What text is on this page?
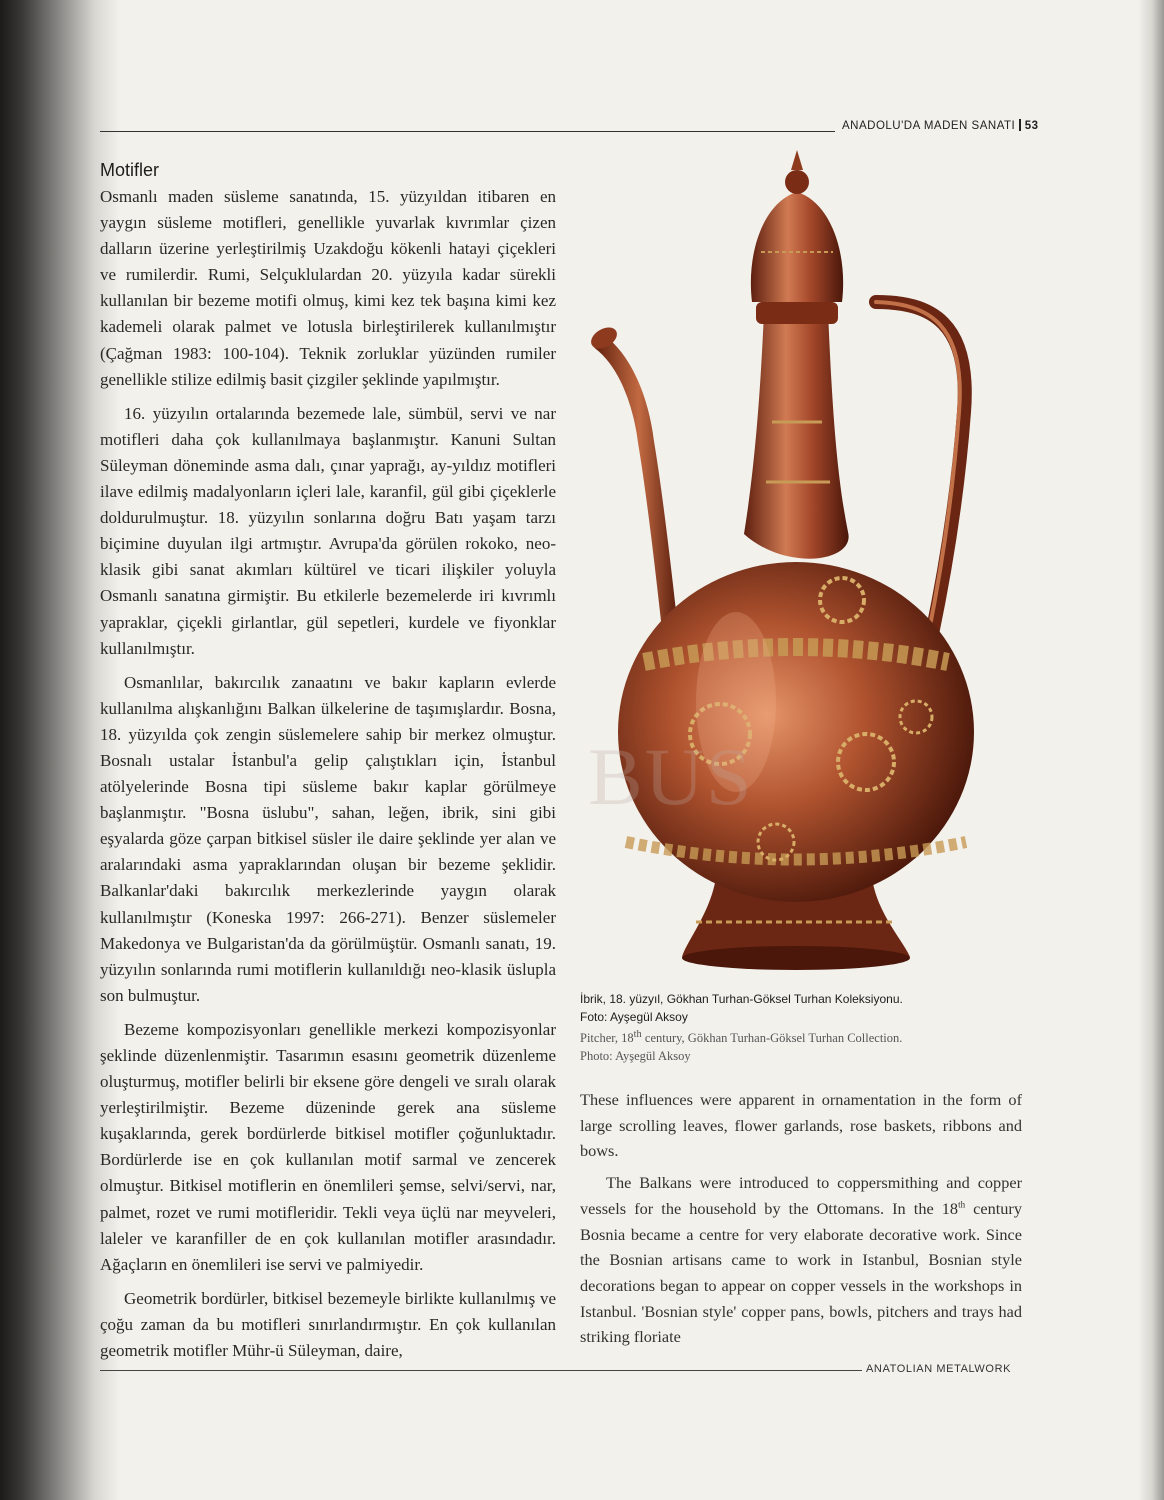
ANADOLU'DA MADEN SANATI 53
Motifler

Osmanlı maden süsleme sanatında, 15. yüzyıldan itibaren en yaygın süsleme motifleri, genellikle yuvarlak kıvrımlar çizen dalların üzerine yerleştirilmiş Uzakdoğu kökenli hatayi çiçekleri ve rumilerdir. Rumi, Selçuklulardan 20. yüzyıla kadar sürekli kullanılan bir bezeme motifi olmuş, kimi kez tek başına kimi kez kademeli olarak palmet ve lotusla birleştirilerek kullanılmıştır (Çağman 1983: 100-104). Teknik zorluklar yüzünden rumiler genellikle stilize edilmiş basit çizgiler şeklinde yapılmıştır.

16. yüzyılın ortalarında bezemede lale, sümbül, servi ve nar motifleri daha çok kullanılmaya başlanmıştır. Kanuni Sultan Süleyman döneminde asma dalı, çınar yaprağı, ay-yıldız motifleri ilave edilmiş madalyonların içleri lale, karanfil, gül gibi çiçeklerle doldurulmuştur. 18. yüzyılın sonlarına doğru Batı yaşam tarzı biçimine duyulan ilgi artmıştır. Avrupa'da görülen rokoko, neo-klasik gibi sanat akımları kültürel ve ticari ilişkiler yoluyla Osmanlı sanatına girmiştir. Bu etkilerle bezemelerde iri kıvrımlı yapraklar, çiçekli girlantlar, gül sepetleri, kurdele ve fiyonklar kullanılmıştır.

Osmanlılar, bakırcılık zanaatını ve bakır kapların evlerde kullanılma alışkanlığını Balkan ülkelerine de taşımışlardır. Bosna, 18. yüzyılda çok zengin süslemelere sahip bir merkez olmuştur. Bosnalı ustalar İstanbul'a gelip çalıştıkları için, İstanbul atölyelerinde Bosna tipi süsleme bakır kaplar görülmeye başlanmıştır. "Bosna üslubu", sahan, leğen, ibrik, sini gibi eşyalarda göze çarpan bitkisel süsler ile daire şeklinde yer alan ve aralarındaki asma yapraklarından oluşan bir bezeme şeklidir. Balkanlar'daki bakırcılık merkezlerinde yaygın olarak kullanılmıştır (Koneska 1997: 266-271). Benzer süslemeler Makedonya ve Bulgaristan'da da görülmüştür. Osmanlı sanatı, 19. yüzyılın sonlarında rumi motiflerin kullanıldığı neo-klasik üslupla son bulmuştur.

Bezeme kompozisyonları genellikle merkezi kompozisyonlar şeklinde düzenlenmiştir. Tasarımın esasını geometrik düzenleme oluşturmuş, motifler belirli bir eksene göre dengeli ve sıralı olarak yerleştirilmiştir. Bezeme düzeninde gerek ana süsleme kuşaklarında, gerek bordürlerde bitkisel motifler çoğunluktadır. Bordürlerde ise en çok kullanılan motif sarmal ve zencerek olmuştur. Bitkisel motiflerin en önemlileri şemse, selvi/servi, nar, palmet, rozet ve rumi motifleridir. Tekli veya üçlü nar meyveleri, laleler ve karanfiller de en çok kullanılan motifler arasındadır. Ağaçların en önemlileri ise servi ve palmiyedir.

Geometrik bordürler, bitkisel bezemeyle birlikte kullanılmış ve çoğu zaman da bu motifleri sınırlandırmıştır. En çok kullanılan geometrik motifler Mühr-ü Süleyman, daire,

BUS
İbrik, 18. yüzyıl, Gökhan Turhan-Göksel Turhan Koleksiyonu.
Foto: Ayşegül Aksoy
Pitcher, 18th century, Gökhan Turhan-Göksel Turhan Collection.
Photo: Ayşegül Aksoy

These influences were apparent in ornamentation in the form of large scrolling leaves, flower garlands, rose baskets, ribbons and bows.

The Balkans were introduced to coppersmithing and copper vessels for the household by the Ottomans. In the 18th century Bosnia became a centre for very elaborate decorative work. Since the Bosnian artisans came to work in Istanbul, Bosnian style decorations began to appear on copper vessels in the workshops in Istanbul. 'Bosnian style' copper pans, bowls, pitchers and trays had striking floriate

ANATOLIAN METALWORK
